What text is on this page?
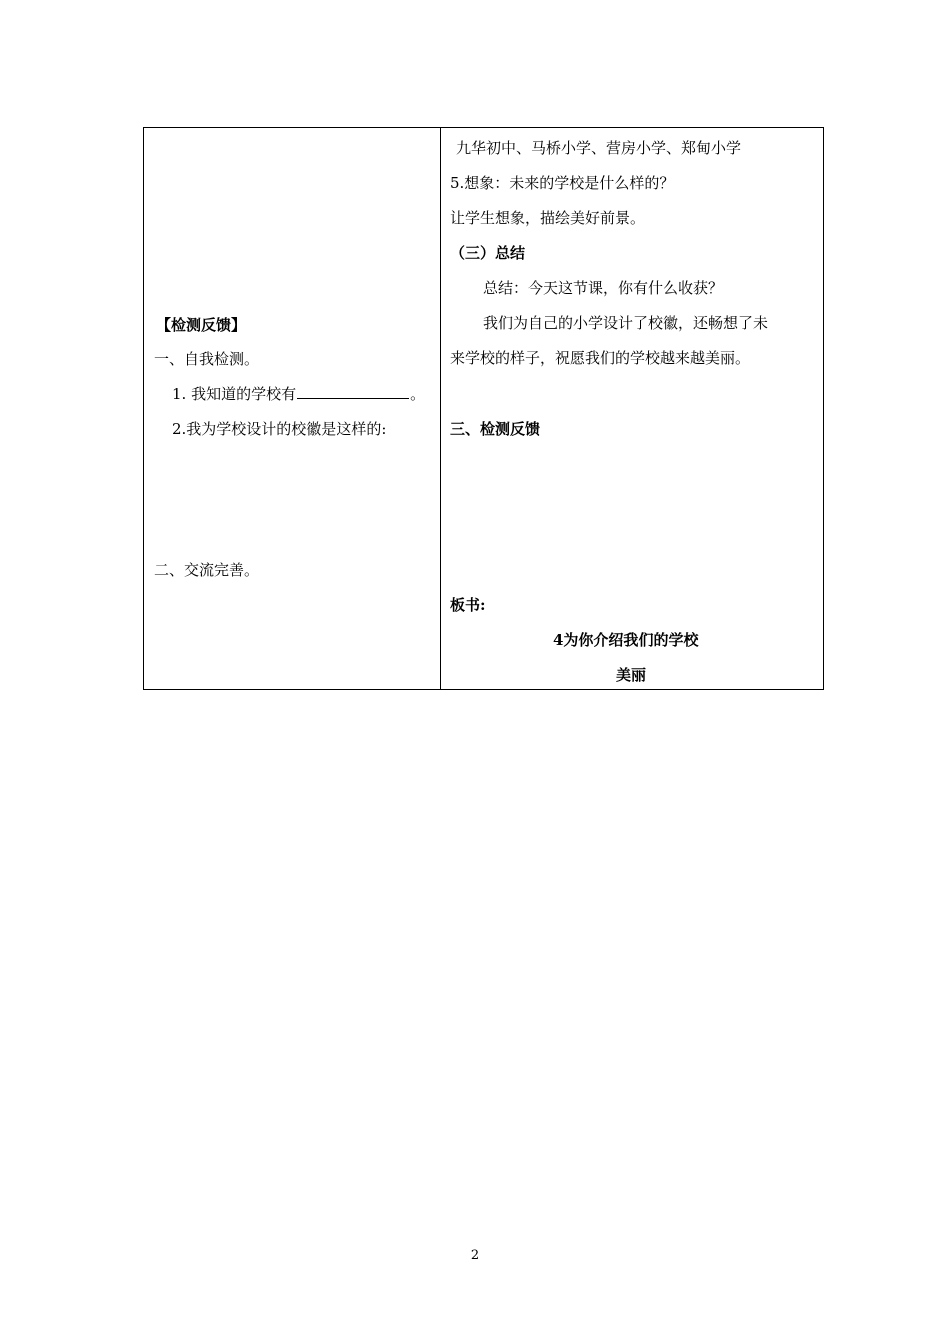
【检测反馈】
一、自我检测。
1. 我知道的学校有	。
2.我为学校设计的校徽是这样的:
二、交流完善。
九华初中、马桥小学、营房小学、郑甸小学
5.想象：未来的学校是什么样的？
让学生想象，描绘美好前景。
（三）总结
总结：今天这节课，你有什么收获？
我们为自己的小学设计了校徽，还畅想了未
来学校的样子，祝愿我们的学校越来越美丽。
三、检测反馈
板书:
4为你介绍我们的学校
美丽
2
